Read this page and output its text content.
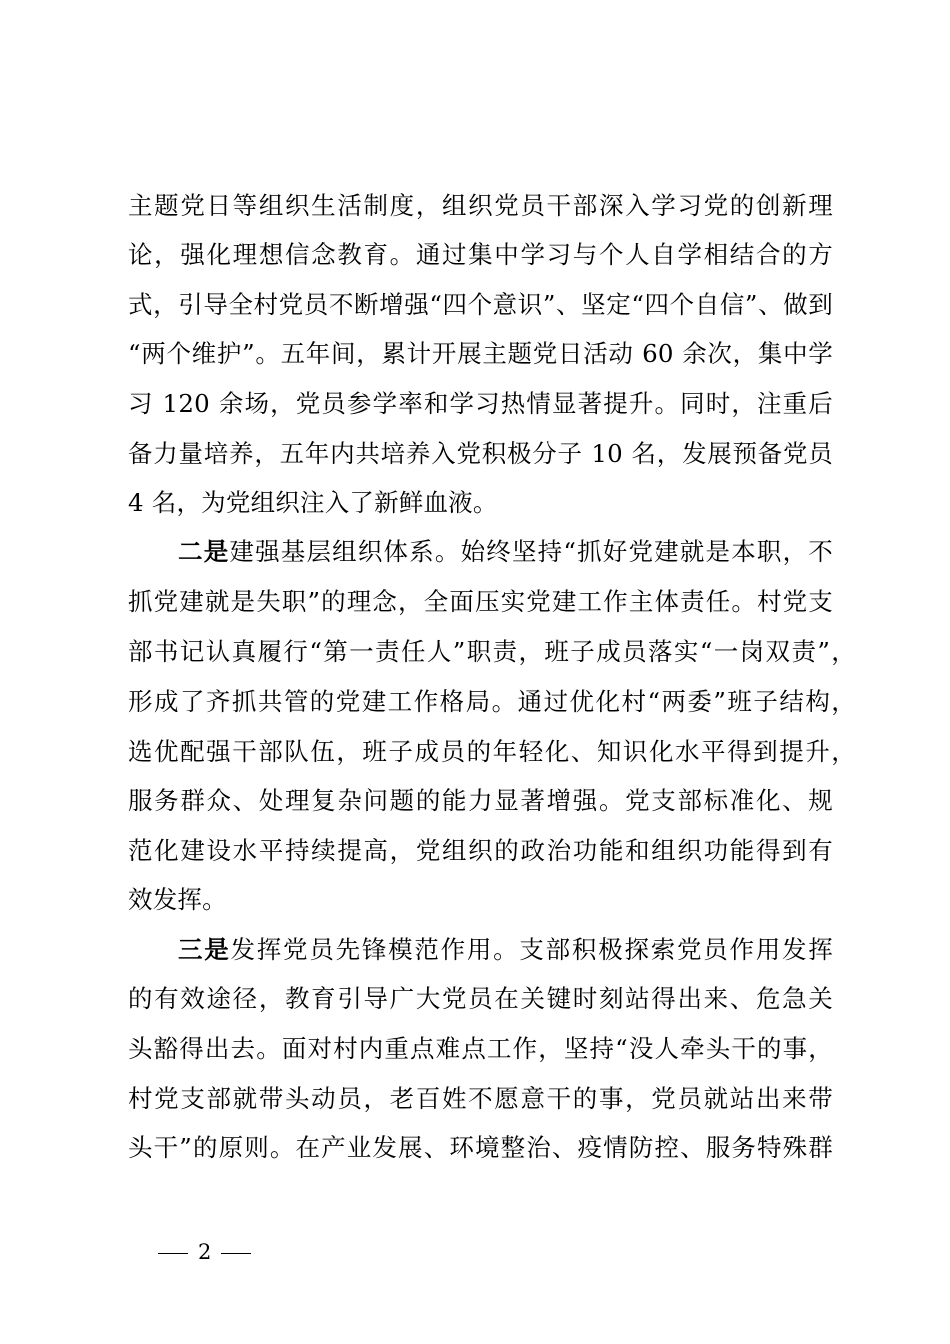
主题党日等组织生活制度，组织党员干部深入学习党的创新理
论，强化理想信念教育。通过集中学习与个人自学相结合的方
式，引导全村党员不断增强“四个意识”、坚定“四个自信”、做到
“两个维护”。五年间，累计开展主题党日活动 60 余次，集中学
习 120 余场，党员参学率和学习热情显著提升。同时，注重后
备力量培养，五年内共培养入党积极分子 10 名，发展预备党员
4 名，为党组织注入了新鲜血液。
二是建强基层组织体系。始终坚持“抓好党建就是本职，不
抓党建就是失职”的理念，全面压实党建工作主体责任。村党支
部书记认真履行“第一责任人”职责，班子成员落实“一岗双责”，
形成了齐抓共管的党建工作格局。通过优化村“两委”班子结构，
选优配强干部队伍，班子成员的年轻化、知识化水平得到提升，
服务群众、处理复杂问题的能力显著增强。党支部标准化、规
范化建设水平持续提高，党组织的政治功能和组织功能得到有
效发挥。
三是发挥党员先锋模范作用。支部积极探索党员作用发挥
的有效途径，教育引导广大党员在关键时刻站得出来、危急关
头豁得出去。面对村内重点难点工作，坚持“没人牵头干的事，
村党支部就带头动员，老百姓不愿意干的事，党员就站出来带
头干”的原则。在产业发展、环境整治、疫情防控、服务特殊群
2
